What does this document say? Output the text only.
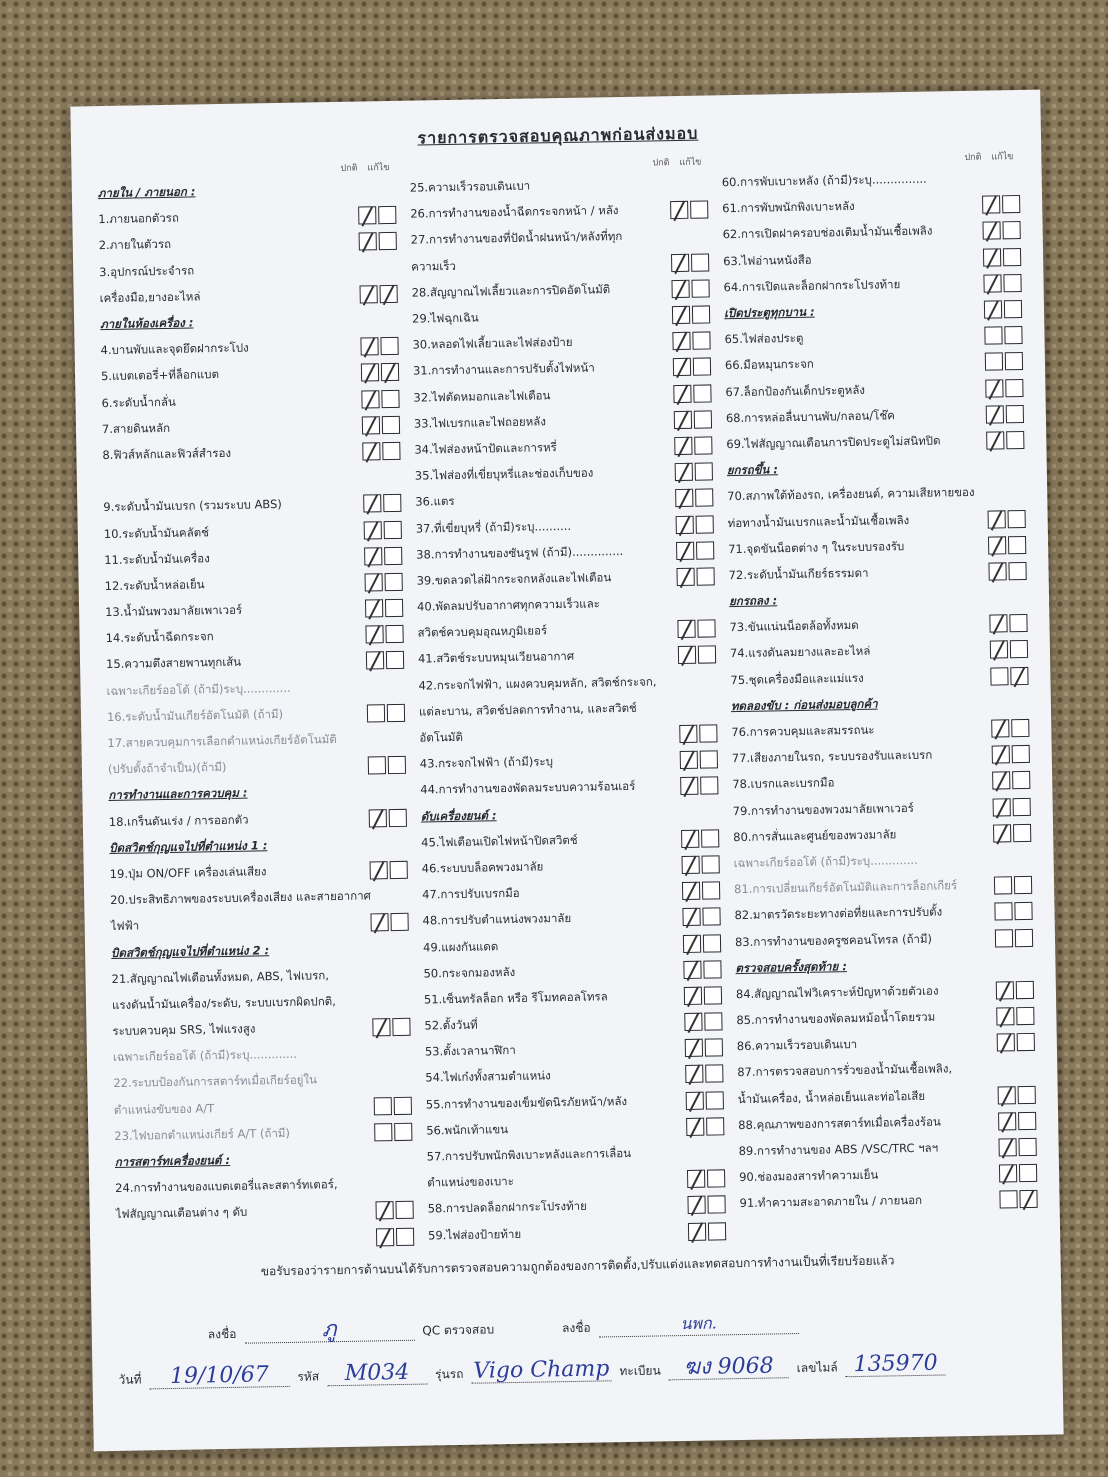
รายการตรวจสอบคุณภาพก่อนส่งมอบ
ปกติ แก้ไข
ภายใน / ภายนอก :
1.ภายนอกตัวรถ
2.ภายในตัวรถ
3.อุปกรณ์ประจำรถ
เครื่องมือ,ยางอะไหล่
ภายในห้องเครื่อง :
4.บานพับและจุดยึดฝากระโปง
5.แบตเตอรี่+ที่ล็อกแบต
6.ระดับน้ำกลั่น
7.สายดินหลัก
8.ฟิวส์หลักและฟิวส์สำรอง
9.ระดับน้ำมันเบรก (รวมระบบ ABS)
10.ระดับน้ำมันคลัตช์
11.ระดับน้ำมันเครื่อง
12.ระดับน้ำหล่อเย็น
13.น้ำมันพวงมาลัยเพาเวอร์
14.ระดับน้ำฉีดกระจก
15.ความตึงสายพานทุกเส้น
เฉพาะเกียร์ออโต้ (ถ้ามี)ระบุ.............
16.ระดับน้ำมันเกียร์อัตโนมัติ (ถ้ามี)
17.สายควบคุมการเลือกตำแหน่งเกียร์อัตโนมัติ
(ปรับตั้งถ้าจำเป็น)(ถ้ามี)
การทำงานและการควบคุม :
18.เกร็นดันเร่ง / การออกตัว
บิดสวิตช์กุญแจไปที่ตำแหน่ง 1 :
19.ปุ่ม ON/OFF เครื่องเล่นเสียง
20.ประสิทธิภาพของระบบเครื่องเสียง และสายอากาศ
ไฟฟ้า
บิดสวิตช์กุญแจไปที่ตำแหน่ง 2 :
21.สัญญาณไฟเตือนทั้งหมด, ABS, ไฟเบรก,
แรงดันน้ำมันเครื่อง/ระดับ, ระบบเบรกผิดปกติ,
ระบบควบคุม SRS, ไฟแรงสูง
เฉพาะเกียร์ออโต้ (ถ้ามี)ระบุ.............
22.ระบบป้องกันการสตาร์ทเมื่อเกียร์อยู่ใน
ตำแหน่งขับของ A/T
23.ไฟบอกตำแหน่งเกียร์ A/T (ถ้ามี)
การสตาร์ทเครื่องยนต์ :
24.การทำงานของแบตเตอรี่และสตาร์ทเตอร์,
ไฟสัญญาณเตือนต่าง ๆ ดับ
ปกติ แก้ไข
25.ความเร็วรอบเดินเบา
26.การทำงานของน้ำฉีดกระจกหน้า / หลัง
27.การทำงานของที่ปัดน้ำฝนหน้า/หลังที่ทุก
ความเร็ว
28.สัญญาณไฟเลี้ยวและการปิดอัตโนมัติ
29.ไฟฉุกเฉิน
30.หลอดไฟเลี้ยวและไฟส่องป้าย
31.การทำงานและการปรับตั้งไฟหน้า
32.ไฟตัดหมอกและไฟเตือน
33.ไฟเบรกและไฟถอยหลัง
34.ไฟส่องหน้าปัดและการหรี่
35.ไฟส่องที่เขี่ยบุหรี่และช่องเก็บของ
36.แตร
37.ที่เขี่ยบุหรี่ (ถ้ามี)ระบุ..........
38.การทำงานของซันรูฟ (ถ้ามี)..............
39.ขดลวดไล่ฝ้ากระจกหลังและไฟเตือน
40.พัดลมปรับอากาศทุกความเร็วและ
สวิตช์ควบคุมอุณหภูมิเยอร์
41.สวิตช์ระบบหมุนเวียนอากาศ
42.กระจกไฟฟ้า, แผงควบคุมหลัก, สวิตช์กระจก,
แต่ละบาน, สวิตช์ปลดการทำงาน, และสวิตช์
อัตโนมัติ
43.กระจกไฟฟ้า (ถ้ามี)ระบุ
44.การทำงานของพัดลมระบบความร้อนเอร์
ดับเครื่องยนต์ :
45.ไฟเตือนเปิดไฟหน้าปิดสวิตช์
46.ระบบบล็อคพวงมาลัย
47.การปรับเบรกมือ
48.การปรับตำแหน่งพวงมาลัย
49.แผงกันแดด
50.กระจกมองหลัง
51.เซ็นทรัลล็อก หรือ รีโมทคอลโทรล
52.ตั้งวันที่
53.ตั้งเวลานาฬิกา
54.ไฟเก๋งทั้งสามตำแหน่ง
55.การทำงานของเข็มขัดนิรภัยหน้า/หลัง
56.พนักเท้าแขน
57.การปรับพนักพิงเบาะหลังและการเลื่อน
ตำแหน่งของเบาะ
58.การปลดล็อกฝากระโปรงท้าย
59.ไฟส่องป้ายท้าย
ปกติ แก้ไข
60.การพับเบาะหลัง (ถ้ามี)ระบุ...............
61.การพับพนักพิงเบาะหลัง
62.การเปิดฝาครอบช่องเติมน้ำมันเชื้อเพลิง
63.ไฟอ่านหนังสือ
64.การเปิดและล็อกฝากระโปรงท้าย
เปิดประตูทุกบาน :
65.ไฟส่องประตู
66.มือหมุนกระจก
67.ล็อกป้องกันเด็กประตูหลัง
68.การหล่อลื่นบานพับ/กลอน/โช๊ค
69.ไฟสัญญาณเตือนการปิดประตูไม่สนิทปิด
ยกรถขึ้น :
70.สภาพใต้ท้องรถ, เครื่องยนต์, ความเสียหายของ
ท่อทางน้ำมันเบรกและน้ำมันเชื้อเพลิง
71.จุดขันน็อตต่าง ๆ ในระบบรองรับ
72.ระดับน้ำมันเกียร์ธรรมดา
ยกรถลง :
73.ขันแน่นน็อตล้อทั้งหมด
74.แรงดันลมยางและอะไหล่
75.ชุดเครื่องมือและแม่แรง
ทดลองขับ : ก่อนส่งมอบลูกค้า
76.การควบคุมและสมรรถนะ
77.เสียงภายในรถ, ระบบรองรับและเบรก
78.เบรกและเบรกมือ
79.การทำงานของพวงมาลัยเพาเวอร์
80.การสั่นและศูนย์ของพวงมาลัย
เฉพาะเกียร์ออโต้ (ถ้ามี)ระบุ.............
81.การเปลี่ยนเกียร์อัตโนมัติและการล็อกเกียร์
82.มาตรวัดระยะทางต่อที่ยและการปรับตั้ง
83.การทำงานของครูซคอนโทรล (ถ้ามี)
ตรวจสอบครั้งสุดท้าย :
84.สัญญาณไฟวิเคราะห์ปัญหาด้วยตัวเอง
85.การทำงานของพัดลมหม้อน้ำโดยรวม
86.ความเร็วรอบเดินเบา
87.การตรวจสอบการรั่วของน้ำมันเชื้อเพลิง,
น้ำมันเครื่อง, น้ำหล่อเย็นและท่อไอเสีย
88.คุณภาพของการสตาร์ทเมื่อเครื่องร้อน
89.การทำงานของ ABS /VSC/TRC ฯลฯ
90.ช่องมองสารทำความเย็น
91.ทำความสะอาดภายใน / ภายนอก
ขอรับรองว่ารายการด้านบนได้รับการตรวจสอบความถูกต้องของการติดตั้ง,ปรับแต่งและทดสอบการทำงานเป็นที่เรียบร้อยแล้ว
ลงชื่อ	ภู	QC ตรวจสอบ	ลงชื่อ	นพก.
วันที่	19/10/67	รหัส	M034	รุ่นรถ Vigo Champ ทะเบียน	ฆง 9068	เลขไมล์ 135970
